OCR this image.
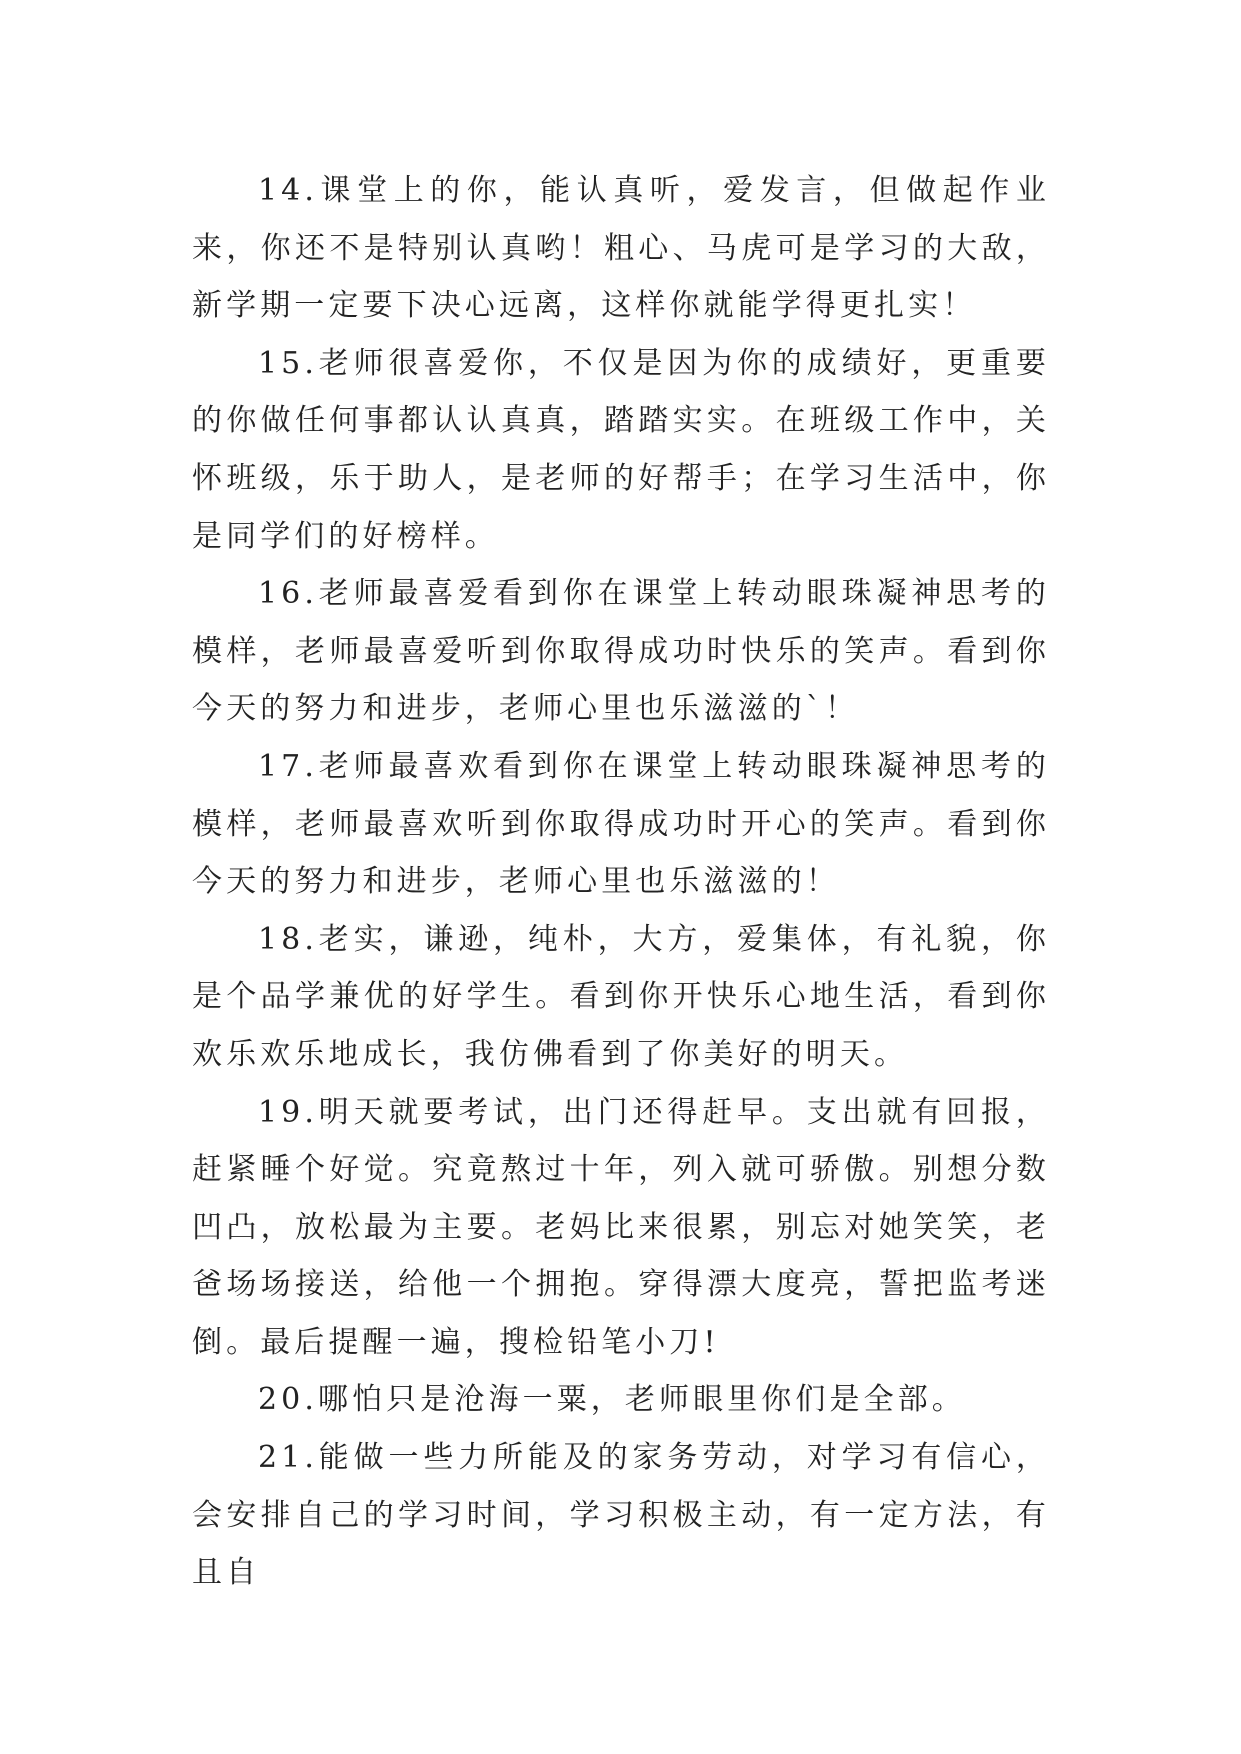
14.课堂上的你，能认真听，爱发言，但做起作业来，你还不是特别认真哟！粗心、马虎可是学习的大敌，新学期一定要下决心远离，这样你就能学得更扎实！

15.老师很喜爱你，不仅是因为你的成绩好，更重要的你做任何事都认认真真，踏踏实实。在班级工作中，关怀班级，乐于助人，是老师的好帮手；在学习生活中，你是同学们的好榜样。

16.老师最喜爱看到你在课堂上转动眼珠凝神思考的模样，老师最喜爱听到你取得成功时快乐的笑声。看到你今天的努力和进步，老师心里也乐滋滋的`！

17.老师最喜欢看到你在课堂上转动眼珠凝神思考的模样，老师最喜欢听到你取得成功时开心的笑声。看到你今天的努力和进步，老师心里也乐滋滋的！

18.老实，谦逊，纯朴，大方，爱集体，有礼貌，你是个品学兼优的好学生。看到你开快乐心地生活，看到你欢乐欢乐地成长，我仿佛看到了你美好的明天。

19.明天就要考试，出门还得赶早。支出就有回报，赶紧睡个好觉。究竟熬过十年，列入就可骄傲。别想分数凹凸，放松最为主要。老妈比来很累，别忘对她笑笑，老爸场场接送，给他一个拥抱。穿得漂大度亮，誓把监考迷倒。最后提醒一遍，搜检铅笔小刀!

20.哪怕只是沧海一粟，老师眼里你们是全部。

21.能做一些力所能及的家务劳动，对学习有信心，会安排自己的学习时间，学习积极主动，有一定方法，有且自
